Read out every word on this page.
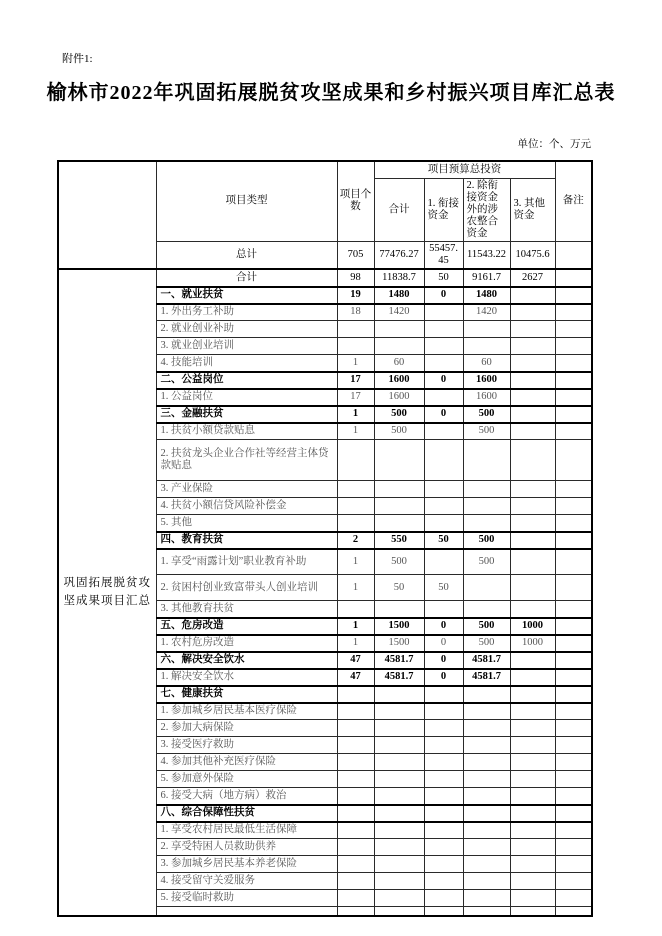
附件1:
榆林市2022年巩固拓展脱贫攻坚成果和乡村振兴项目库汇总表
单位：个、万元
	项目类型	项目个数	项目预算总投资				备注
			合计	1. 衔接资金	2. 除衔接资金外的涉农整合资金	3. 其他资金	
	总计	705	77476.27	55457.45	11543.22	10475.6	

巩固拓展脱贫攻坚成果项目汇总	合计	98	11838.7	50	9161.7	2627	
	一、就业扶贫	19	1480	0	1480		
	1. 外出务工补助	18	1420		1420		
	2. 就业创业补助						
	3. 就业创业培训						
	4. 技能培训	1	60		60		
	二、公益岗位	17	1600	0	1600		
	1. 公益岗位	17	1600		1600		
	三、金融扶贫	1	500	0	500		
	1. 扶贫小额贷款贴息	1	500		500		
	2. 扶贫龙头企业合作社等经营主体贷款贴息						
	3. 产业保险						
	4. 扶贫小额信贷风险补偿金						
	5. 其他						
	四、教育扶贫	2	550	50	500		
	1. 享受“雨露计划”职业教育补助	1	500		500		
	2. 贫困村创业致富带头人创业培训	1	50	50			
	3. 其他教育扶贫						
	五、危房改造	1	1500	0	500	1000	
	1. 农村危房改造	1	1500	0	500	1000	
	六、解决安全饮水	47	4581.7	0	4581.7		
	1. 解决安全饮水	47	4581.7	0	4581.7		
	七、健康扶贫						
	1. 参加城乡居民基本医疗保险						
	2. 参加大病保险						
	3. 接受医疗救助						
	4. 参加其他补充医疗保险						
	5. 参加意外保险						
	6. 接受大病（地方病）救治						
	八、综合保障性扶贫						
	1. 享受农村居民最低生活保障						
	2. 享受特困人员救助供养						
	3. 参加城乡居民基本养老保险						
	4. 接受留守关爱服务						
	5. 接受临时救助						
